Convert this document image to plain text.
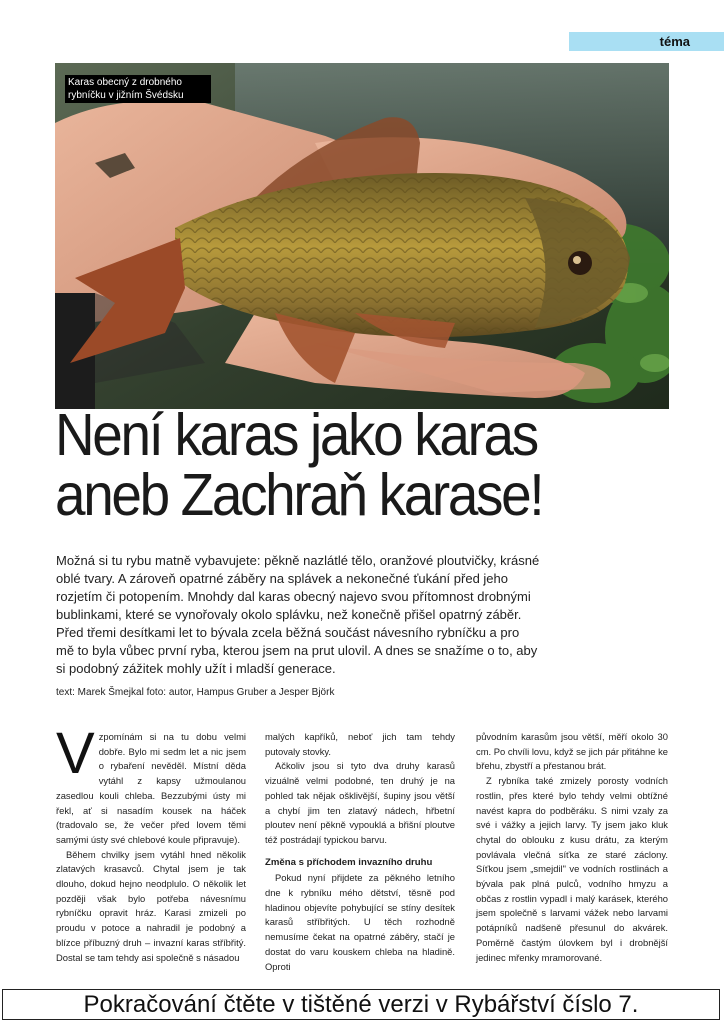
téma
Karas obecný z drobného rybníčku v jižním Švédsku
Není karas jako karas
aneb Zachraň karase!

Možná si tu rybu matně vybavujete: pěkně nazlátlé tělo, oranžové ploutvičky, krásné oblé tvary. A zároveň opatrné záběry na splávek a nekonečné ťukání před jeho rozjetím či potopením. Mnohdy dal karas obecný najevo svou přítomnost drobnými bublinkami, které se vynořovaly okolo splávku, než konečně přišel opatrný záběr. Před třemi desítkami let to bývala zcela běžná součást návesního rybníčku a pro mě to byla vůbec první ryba, kterou jsem na prut ulovil. A dnes se snažíme o to, aby si podobný zážitek mohly užít i mladší generace.

text: Marek Šmejkal foto: autor, Hampus Gruber a Jesper Björk

Vzpomínám si na tu dobu velmi dobře. Bylo mi sedm let a nic jsem o rybaření nevěděl. Místní děda vytáhl z kapsy užmoulanou zasedlou kouli chleba. Bezzubými ústy mi řekl, ať si nasadím kousek na háček (tradovalo se, že večer před lovem těmi samými ústy své chlebové koule připravuje).

Během chvilky jsem vytáhl hned několik zlatavých krasavců. Chytal jsem je tak dlouho, dokud hejno neodplulo. O několik let později však bylo potřeba návesnímu rybníčku opravit hráz. Karasi zmizeli po proudu v potoce a nahradil je podobný a blízce příbuzný druh – invazní karas stříbřitý. Dostal se tam tehdy asi společně s násadou

malých kapříků, neboť jich tam tehdy putovaly stovky.

Ačkoliv jsou si tyto dva druhy karasů vizuálně velmi podobné, ten druhý je na pohled tak nějak ošklivější, šupiny jsou větší a chybí jim ten zlatavý nádech, hřbetní ploutev není pěkně vypouklá a břišní ploutve též postrádají typickou barvu.

Změna s příchodem invazního druhu

Pokud nyní přijdete za pěkného letního dne k rybníku mého dětství, těsně pod hladinou objevíte pohybující se stíny desítek karasů stříbřitých. U těch rozhodně nemusíme čekat na opatrné záběry, stačí je dostat do varu kouskem chleba na hladině. Oproti

původním karasům jsou větší, měří okolo 30 cm. Po chvíli lovu, když se jich pár přitáhne ke břehu, zbystří a přestanou brát.

Z rybníka také zmizely porosty vodních rostlin, přes které bylo tehdy velmi obtížné navést kapra do podběráku. S nimi vzaly za své i vážky a jejich larvy. Ty jsem jako kluk chytal do oblouku z kusu drátu, za kterým povlávala vlečná síťka ze staré záclony. Síťkou jsem „smejdil" ve vodních rostlinách a bývala pak plná pulců, vodního hmyzu a občas z rostlin vypadl i malý karásek, kterého jsem společně s larvami vážek nebo larvami potápníků nadšeně přesunul do akvárek. Poměrně častým úlovkem byl i drobnější jedinec mřenky mramorované.

Pokračování čtěte v tištěné verzi v Rybářství číslo 7.
